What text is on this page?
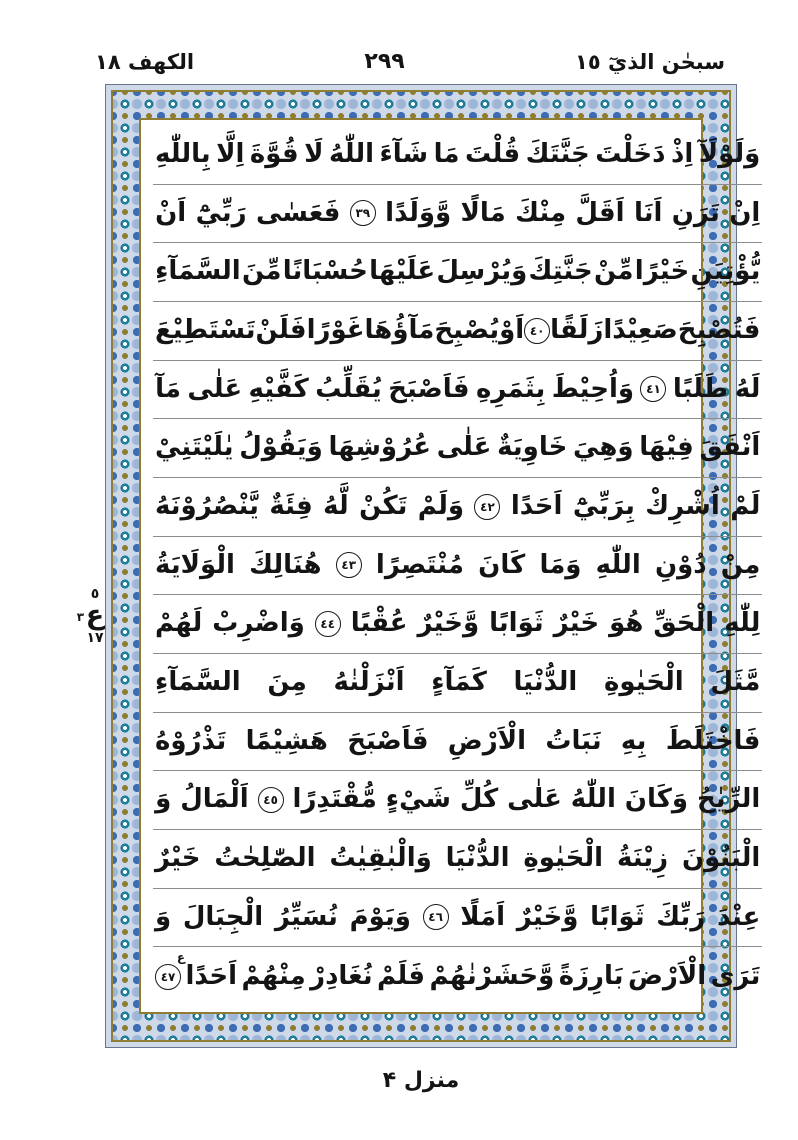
سبحٰن الذيٓ ١٥
٢٩٩
الكهف ١٨
٥
ع
٣
١٧
وَلَوْلَآ
اِذْ
دَخَلْتَ
جَنَّتَكَ
قُلْتَ
مَا
شَآءَ
اللّٰهُ
لَا
قُوَّةَ
اِلَّا
بِاللّٰهِ
اِنْ
تَرَنِ
اَنَا
اَقَلَّ
مِنْكَ
مَالًا
وَّوَلَدًا
٣٩
فَعَسٰى
رَبِّيْٓ
اَنْ
يُّؤْتِيَنِ
خَيْرًا
مِّنْ
جَنَّتِكَ
وَيُرْسِلَ
عَلَيْهَا
حُسْبَانًا
مِّنَ
السَّمَآءِ
فَتُصْبِحَ
صَعِيْدًا
زَلَقًا
٤٠
اَوْ
يُصْبِحَ
مَآؤُهَا
غَوْرًا
فَلَنْ
تَسْتَطِيْعَ
لَهُ
طَلَبًا
٤١
وَاُحِيْطَ
بِثَمَرِهِ
فَاَصْبَحَ
يُقَلِّبُ
كَفَّيْهِ
عَلٰى
مَآ
اَنْفَقَ
فِيْهَا
وَهِيَ
خَاوِيَةٌ
عَلٰى
عُرُوْشِهَا
وَيَقُوْلُ
يٰلَيْتَنِيْ
لَمْ
اُشْرِكْ
بِرَبِّيْٓ
اَحَدًا
٤٢
وَلَمْ
تَكُنْ
لَّهُ
فِئَةٌ
يَّنْصُرُوْنَهُ
مِنْ
دُوْنِ
اللّٰهِ
وَمَا
كَانَ
مُنْتَصِرًا
٤٣
هُنَالِكَ
الْوَلَايَةُ
لِلّٰهِ
الْحَقِّ
هُوَ
خَيْرٌ
ثَوَابًا
وَّخَيْرٌ
عُقْبًا
٤٤
وَاضْرِبْ
لَهُمْ
مَّثَلَ
الْحَيٰوةِ
الدُّنْيَا
كَمَآءٍ
اَنْزَلْنٰهُ
مِنَ
السَّمَآءِ
فَاخْتَلَطَ
بِهِ
نَبَاتُ
الْاَرْضِ
فَاَصْبَحَ
هَشِيْمًا
تَذْرُوْهُ
الرِّيٰحُ
وَكَانَ
اللّٰهُ
عَلٰى
كُلِّ
شَيْءٍ
مُّقْتَدِرًا
٤٥
اَلْمَالُ
وَ
الْبَنُوْنَ
زِيْنَةُ
الْحَيٰوةِ
الدُّنْيَا
وَالْبٰقِيٰتُ
الصّٰلِحٰتُ
خَيْرٌ
عِنْدَ
رَبِّكَ
ثَوَابًا
وَّخَيْرٌ
اَمَلًا
٤٦
وَيَوْمَ
نُسَيِّرُ
الْجِبَالَ
وَ
تَرَى
الْاَرْضَ
بَارِزَةً
وَّحَشَرْنٰهُمْ
فَلَمْ
نُغَادِرْ
مِنْهُمْ
اَحَدًا
٤٧
ع
منزل ۴
